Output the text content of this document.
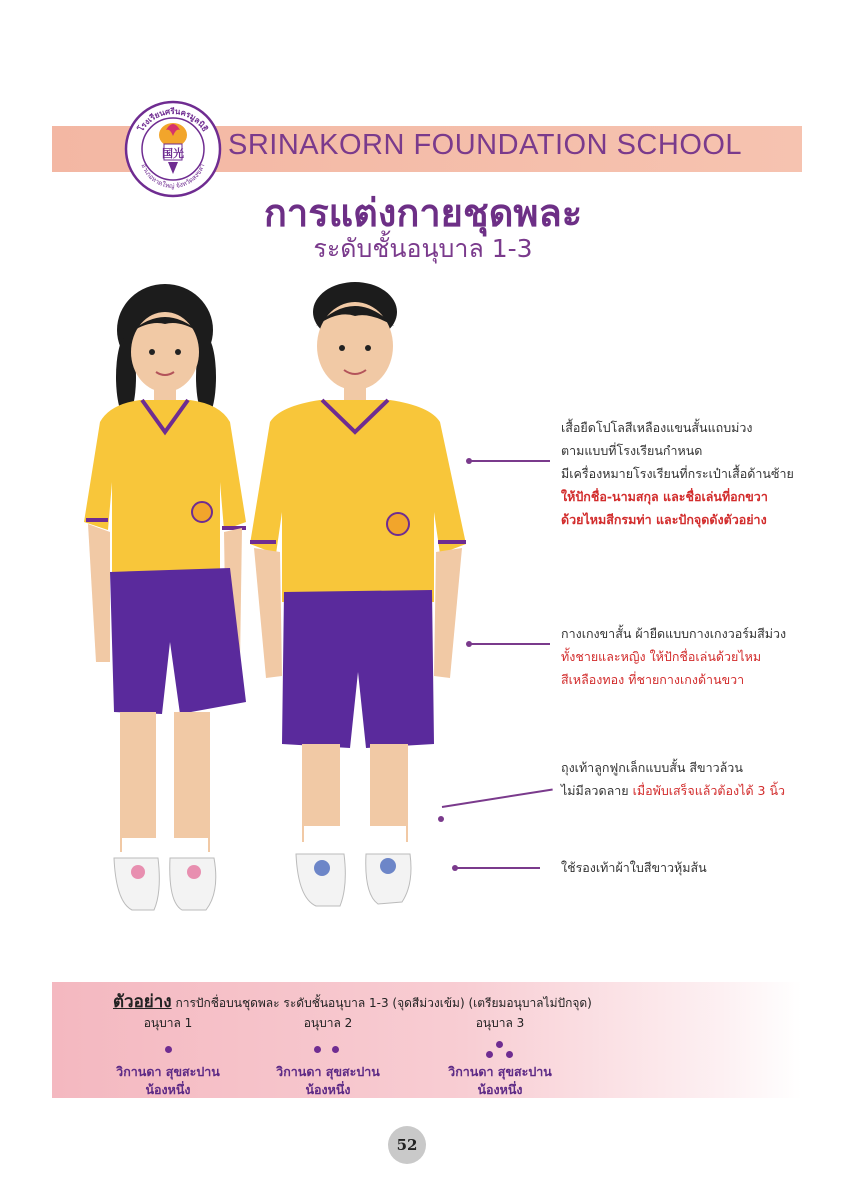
SRINAKORN FOUNDATION SCHOOL
โรงเรียนศรีนครมูลนิธิ
อำเภอหาดใหญ่ จังหวัดสงขลา
国光
การแต่งกายชุดพละ
ระดับชั้นอนุบาล 1-3
เสื้อยืดโปโลสีเหลืองแขนสั้นแถบม่วง
ตามแบบที่โรงเรียนกำหนด
มีเครื่องหมายโรงเรียนที่กระเป๋าเสื้อด้านซ้าย
ให้ปักชื่อ-นามสกุล และชื่อเล่นที่อกขวา
ด้วยไหมสีกรมท่า และปักจุดดังตัวอย่าง
กางเกงขาสั้น ผ้ายืดแบบกางเกงวอร์มสีม่วง
ทั้งชายและหญิง ให้ปักชื่อเล่นด้วยไหม
สีเหลืองทอง ที่ชายกางเกงด้านขวา
ถุงเท้าลูกฟูกเล็กแบบสั้น สีขาวล้วน
ไม่มีลวดลาย เมื่อพับเสร็จแล้วต้องได้ 3 นิ้ว
ใช้รองเท้าผ้าใบสีขาวหุ้มส้น
ตัวอย่าง การปักชื่อบนชุดพละ ระดับชั้นอนุบาล 1-3 (จุดสีม่วงเข้ม) (เตรียมอนุบาลไม่ปักจุด)
อนุบาล 1
วิกานดา สุขสะปาน
น้องหนึ่ง
อนุบาล 2
วิกานดา สุขสะปาน
น้องหนึ่ง
อนุบาล 3
วิกานดา สุขสะปาน
น้องหนึ่ง
52
